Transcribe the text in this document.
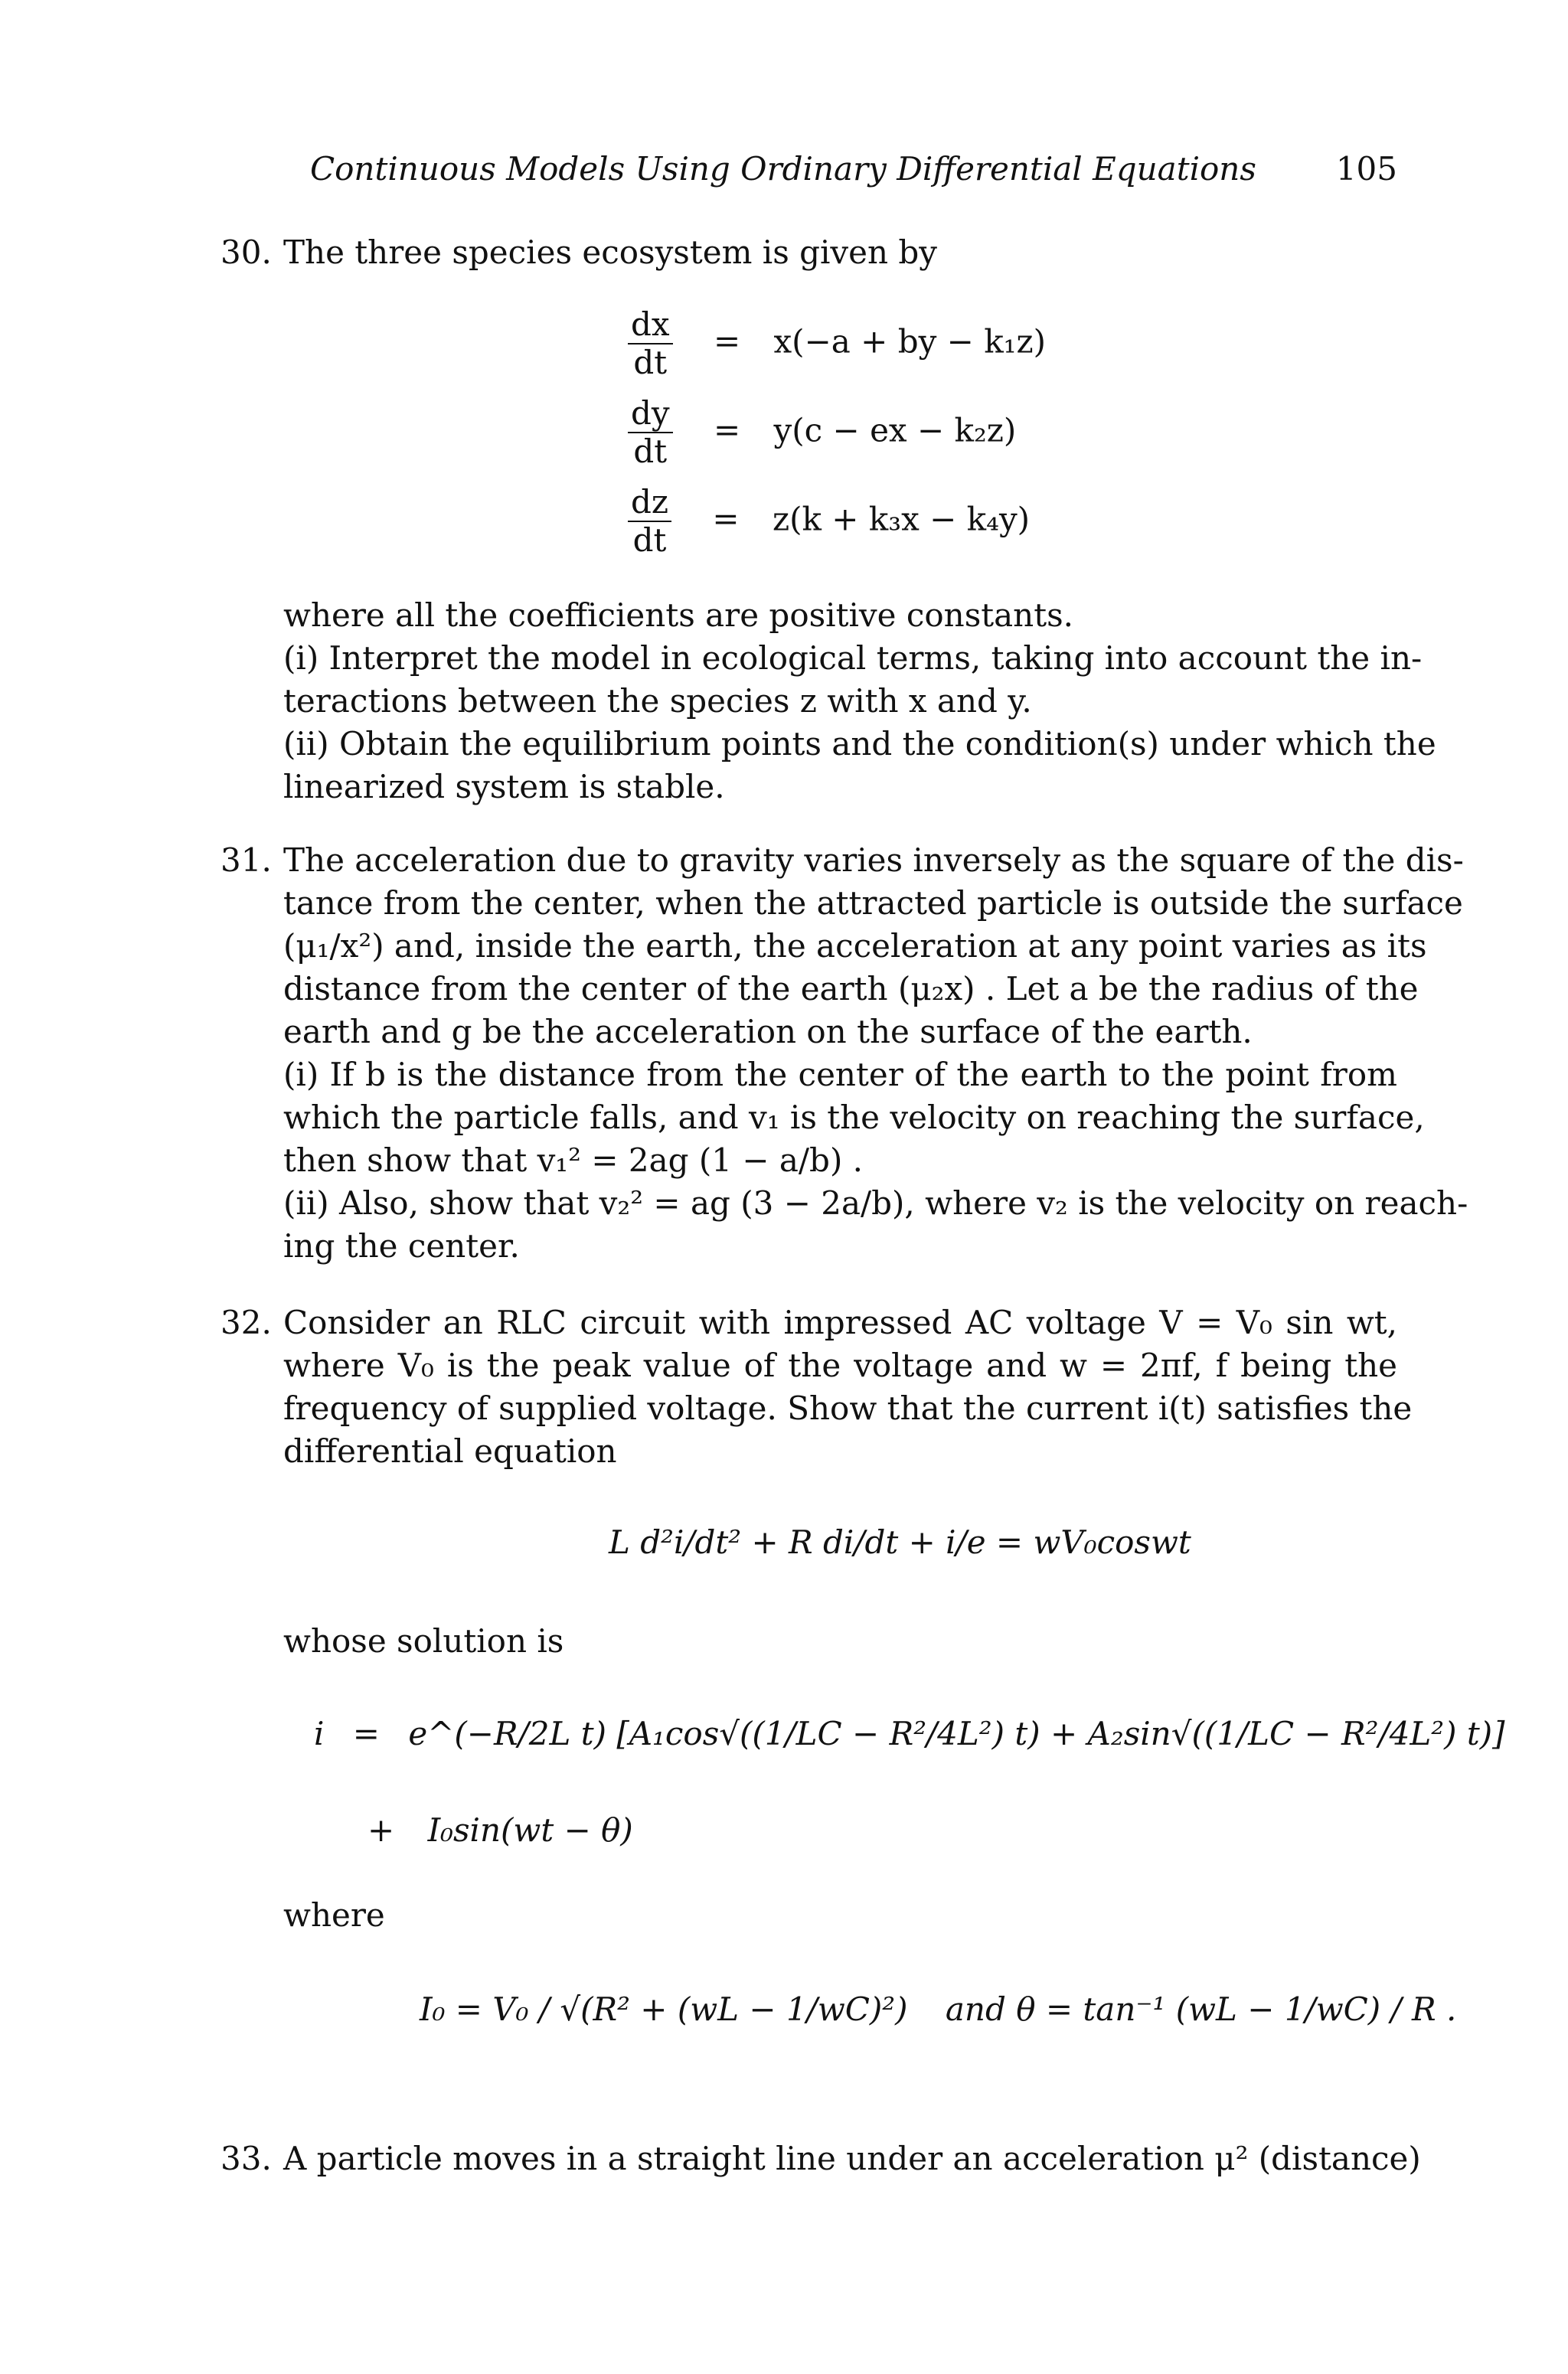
Continuous Models Using Ordinary Differential Equations 105
30. The three species ecosystem is given by
$\frac{dx}{dt} = x(-a$ + by − k₁z)
$\frac{dy}{dt} = y(c$ − ex − k₂z)
$\frac{dz}{dt} = z(k + k_3x - k_4y)$
where all the coefficients are positive constants.
(i) Interpret the model in ecological terms, taking into account the in-
teractions between the species z with x and y.
(ii) Obtain the equilibrium points and the condition(s) under which the
linearized system is stable.
31. The acceleration due to gravity varies inversely as the square of the dis-
tance from the center, when the attracted particle is outside the surface
(μ₁/x²) and, inside the earth, the acceleration at any point varies as its
distance from the center of the earth (μ₂x) . Let a be the radius of the
earth and g be the acceleration on the surface of the earth.
(i) If b is the distance from the center of the earth to the point from
which the particle falls, and v₁ is the velocity on reaching the surface,
then show that v₁² = 2ag (1 − a/b) .
(ii) Also, show that v₂² = ag (3 − 2a/b), where v₂ is the velocity on reach-
ing the center.
32. Consider an RLC circuit with impressed AC voltage V = V₀ sin wt,
where V₀ is the peak value of the voltage and w = 2πf, f being the
frequency of supplied voltage. Show that the current i(t) satisfies the
differential equation
L d²i/dt² + R di/dt + i/e = wV₀coswt
whose solution is
i = e^(−R/2L t) [A₁cos√((1/LC − R²/4L²) t) + A₂sin√((1/LC − R²/4L²) t)]
+ I₀sin(wt − θ)
where
I₀ = V₀ / √(R² + (wL − 1/wC)²) and θ = tan⁻¹ (wL − 1/wC) / R .
33. A particle moves in a straight line under an acceleration μ² (distance)
